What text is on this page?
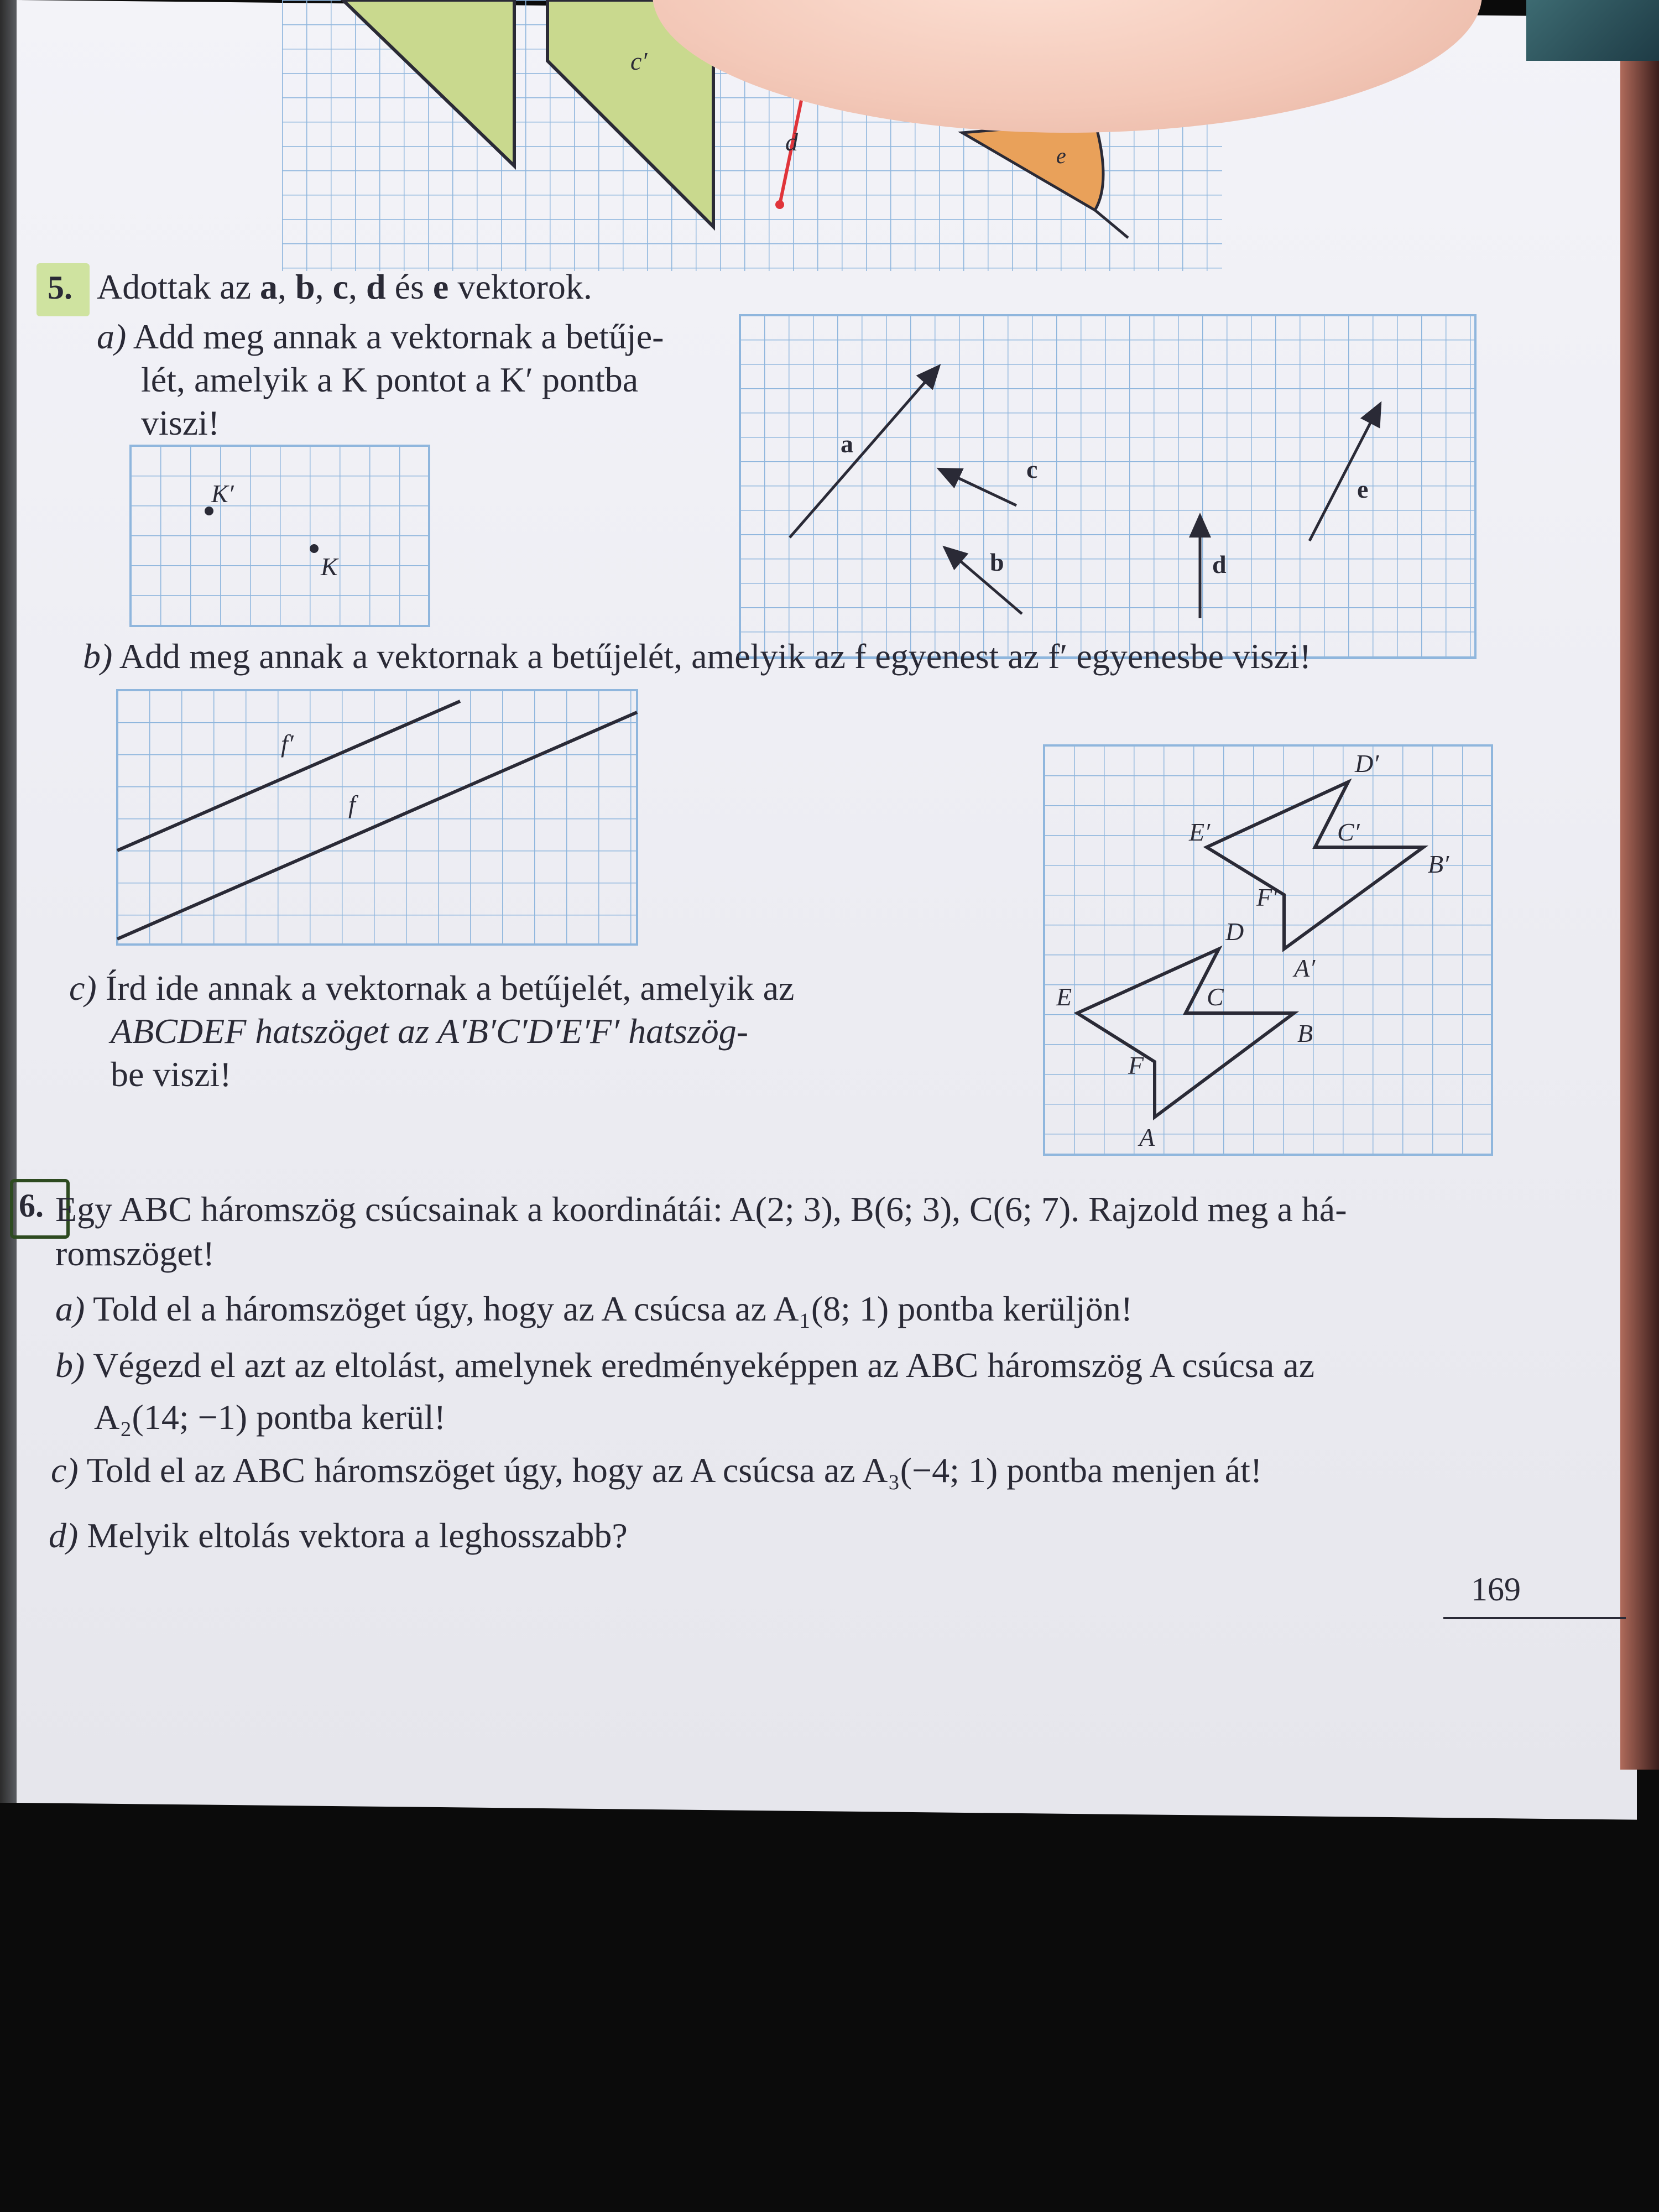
c′
d	e
5. Adottak az a, b, c, d és e vektorok.
a) Add meg annak a vektornak a betűje-
lét, amelyik a K pontot a K′ pontba
viszi!
K′
K
a
c
b	d
e
b) Add meg annak a vektornak a betűjelét, amelyik az f egyenest az f′ egyenesbe viszi!
f′
f
c) Írd ide annak a vektornak a betűjelét, amelyik az
ABCDEF hatszöget az A′B′C′D′E′F′ hatszög-
be viszi!
A
B
C
D
E
F
A′
B′
C′
D′
E′
F′
6. Egy ABC háromszög csúcsainak a koordinátái: A(2; 3), B(6; 3), C(6; 7). Rajzold meg a há-
romszöget!
a) Told el a háromszöget úgy, hogy az A csúcsa az A₁(8; 1) pontba kerüljön!
b) Végezd el azt az eltolást, amelynek eredményeképpen az ABC háromszög A csúcsa az
A₂(14; −1) pontba kerül!
c) Told el az ABC háromszöget úgy, hogy az A csúcsa az A₃(−4; 1) pontba menjen át!
d) Melyik eltolás vektora a leghosszabb?
169
